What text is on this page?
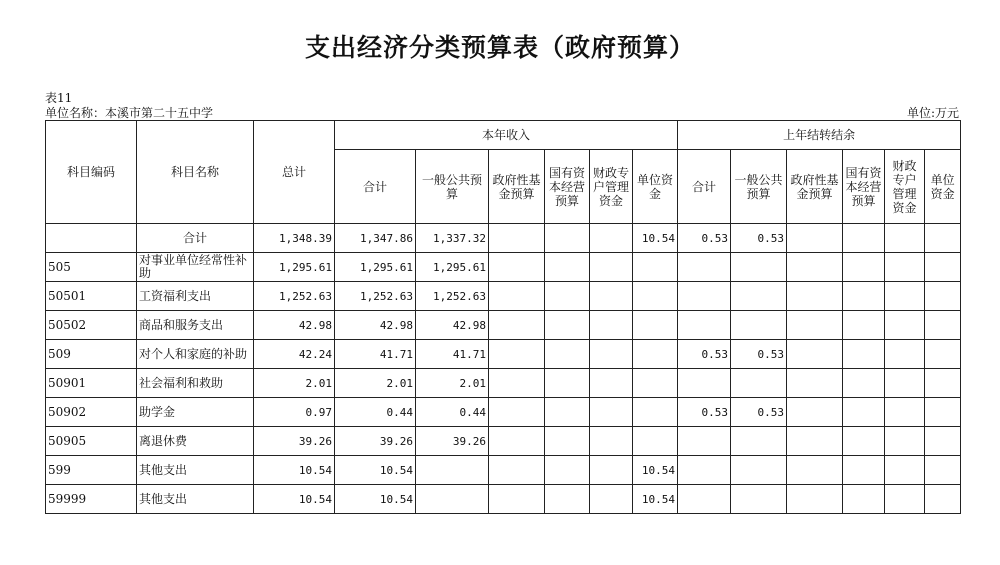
支出经济分类预算表（政府预算）
表11
单位名称：本溪市第二十五中学	单位:万元
科目编码	科目名称	总计	本年收入						上年结转结余					
			合计	一般公共预算	政府性基金预算	国有资本经营预算	财政专户管理资金	单位资金	合计	一般公共预算	政府性基金预算	国有资本经营预算	财政专户管理资金	单位资金
	合计	1,348.39	1,347.86	1,337.32				10.54	0.53	0.53				
505	对事业单位经常性补助	1,295.61	1,295.61	1,295.61										
50501	工资福利支出	1,252.63	1,252.63	1,252.63										
50502	商品和服务支出	42.98	42.98	42.98										
509	对个人和家庭的补助	42.24	41.71	41.71					0.53	0.53				
50901	社会福利和救助	2.01	2.01	2.01										
50902	助学金	0.97	0.44	0.44					0.53	0.53				
50905	离退休费	39.26	39.26	39.26										
599	其他支出	10.54	10.54					10.54						
59999	其他支出	10.54	10.54					10.54						
